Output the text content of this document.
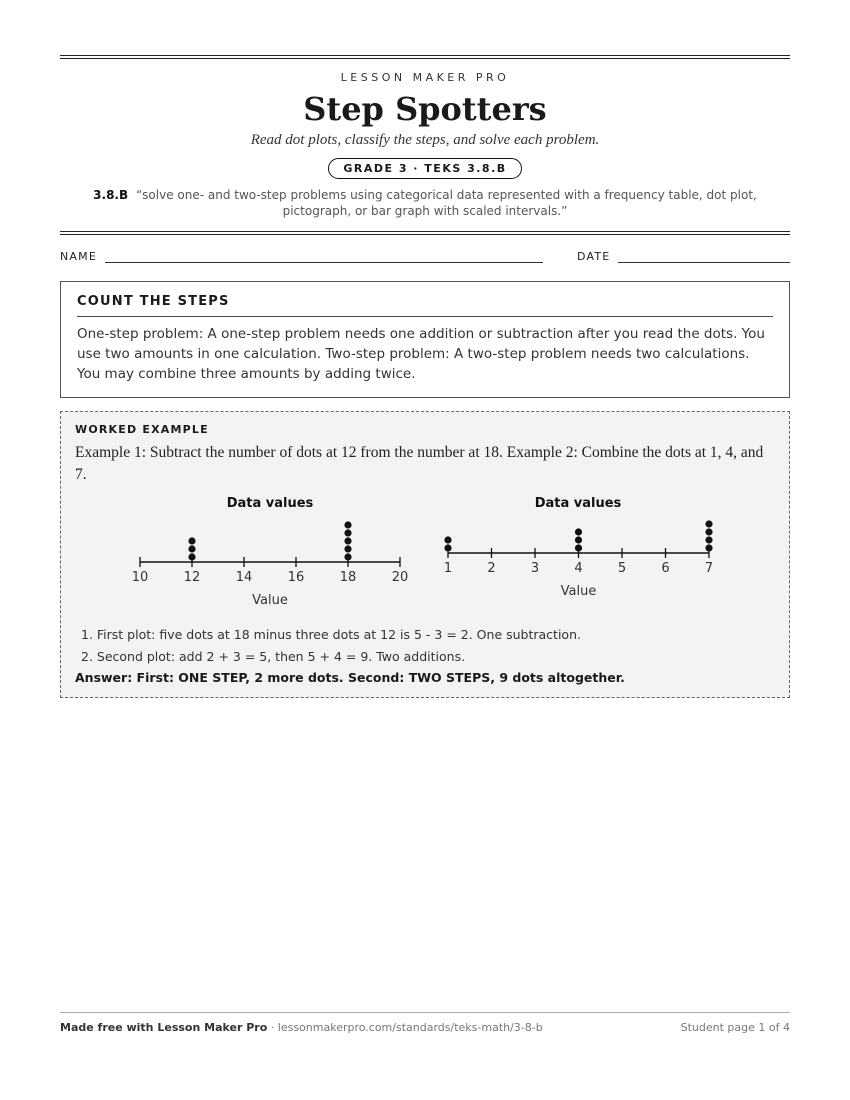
LESSON MAKER PRO
Step Spotters
Read dot plots, classify the steps, and solve each problem.
GRADE 3 · TEKS 3.8.B
3.8.B “solve one- and two-step problems using categorical data represented with a frequency table, dot plot, pictograph, or bar graph with scaled intervals.”
NAME	DATE
COUNT THE STEPS

One-step problem: A one-step problem needs one addition or subtraction after you read the dots. You use two amounts in one calculation. Two-step problem: A two-step problem needs two calculations. You may combine three amounts by adding twice.

WORKED EXAMPLE
Example 1: Subtract the number of dots at 12 from the number at 18. Example 2: Combine the dots at 1, 4, and 7.
Data values
10	12	14	16	18	20
Value
Data values
1	2	3	4	5	6	7
Value
1. First plot: five dots at 18 minus three dots at 12 is 5 - 3 = 2. One subtraction.
2. Second plot: add 2 + 3 = 5, then 5 + 4 = 9. Two additions.
Answer: First: ONE STEP, 2 more dots. Second: TWO STEPS, 9 dots altogether.
Made free with Lesson Maker Pro · lessonmakerpro.com/standards/teks-math/3-8-b	Student page 1 of 4
